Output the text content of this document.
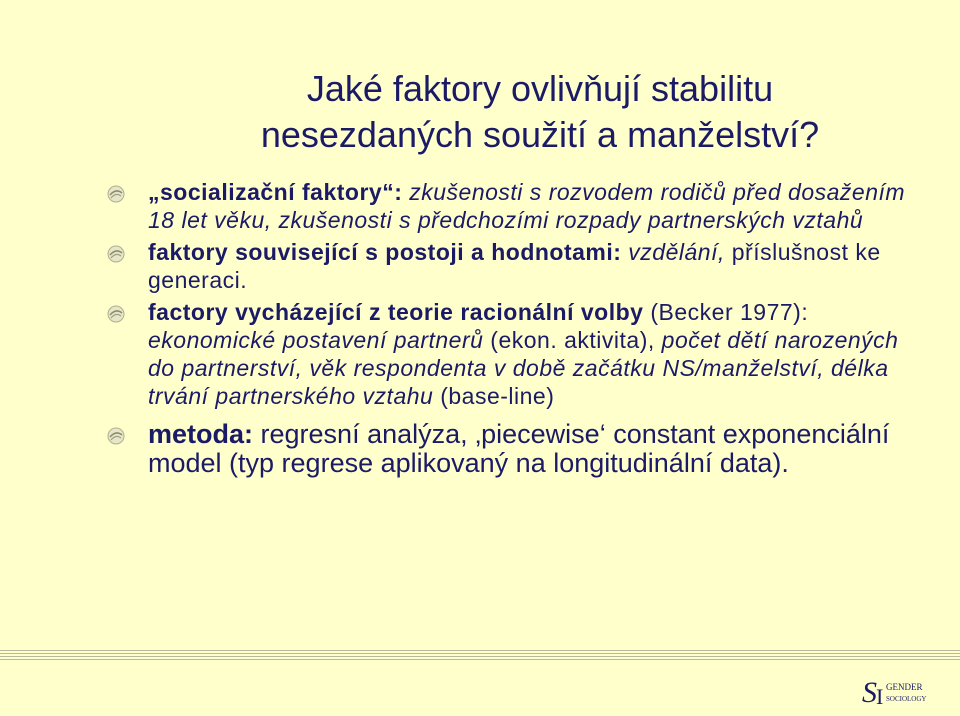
Jaké faktory ovlivňují stabilitu
nesezdaných soužití a manželství?
„socializační faktory“: zkušenosti s rozvodem rodičů před dosažením 18 let věku, zkušenosti s předchozími rozpady partnerských vztahů
faktory související s postoji a hodnotami: vzdělání, příslušnost ke generaci.
factory vycházející z teorie racionální volby (Becker 1977): ekonomické postavení partnerů (ekon. aktivita), počet dětí narozených do partnerství, věk respondenta v době začátku NS/manželství, délka trvání partnerského vztahu (base-line)
metoda: regresní analýza, ‚piecewise‘ constant exponenciální model (typ regrese aplikovaný na longitudinální data).
S I GENDER
SOCIOLOGY
